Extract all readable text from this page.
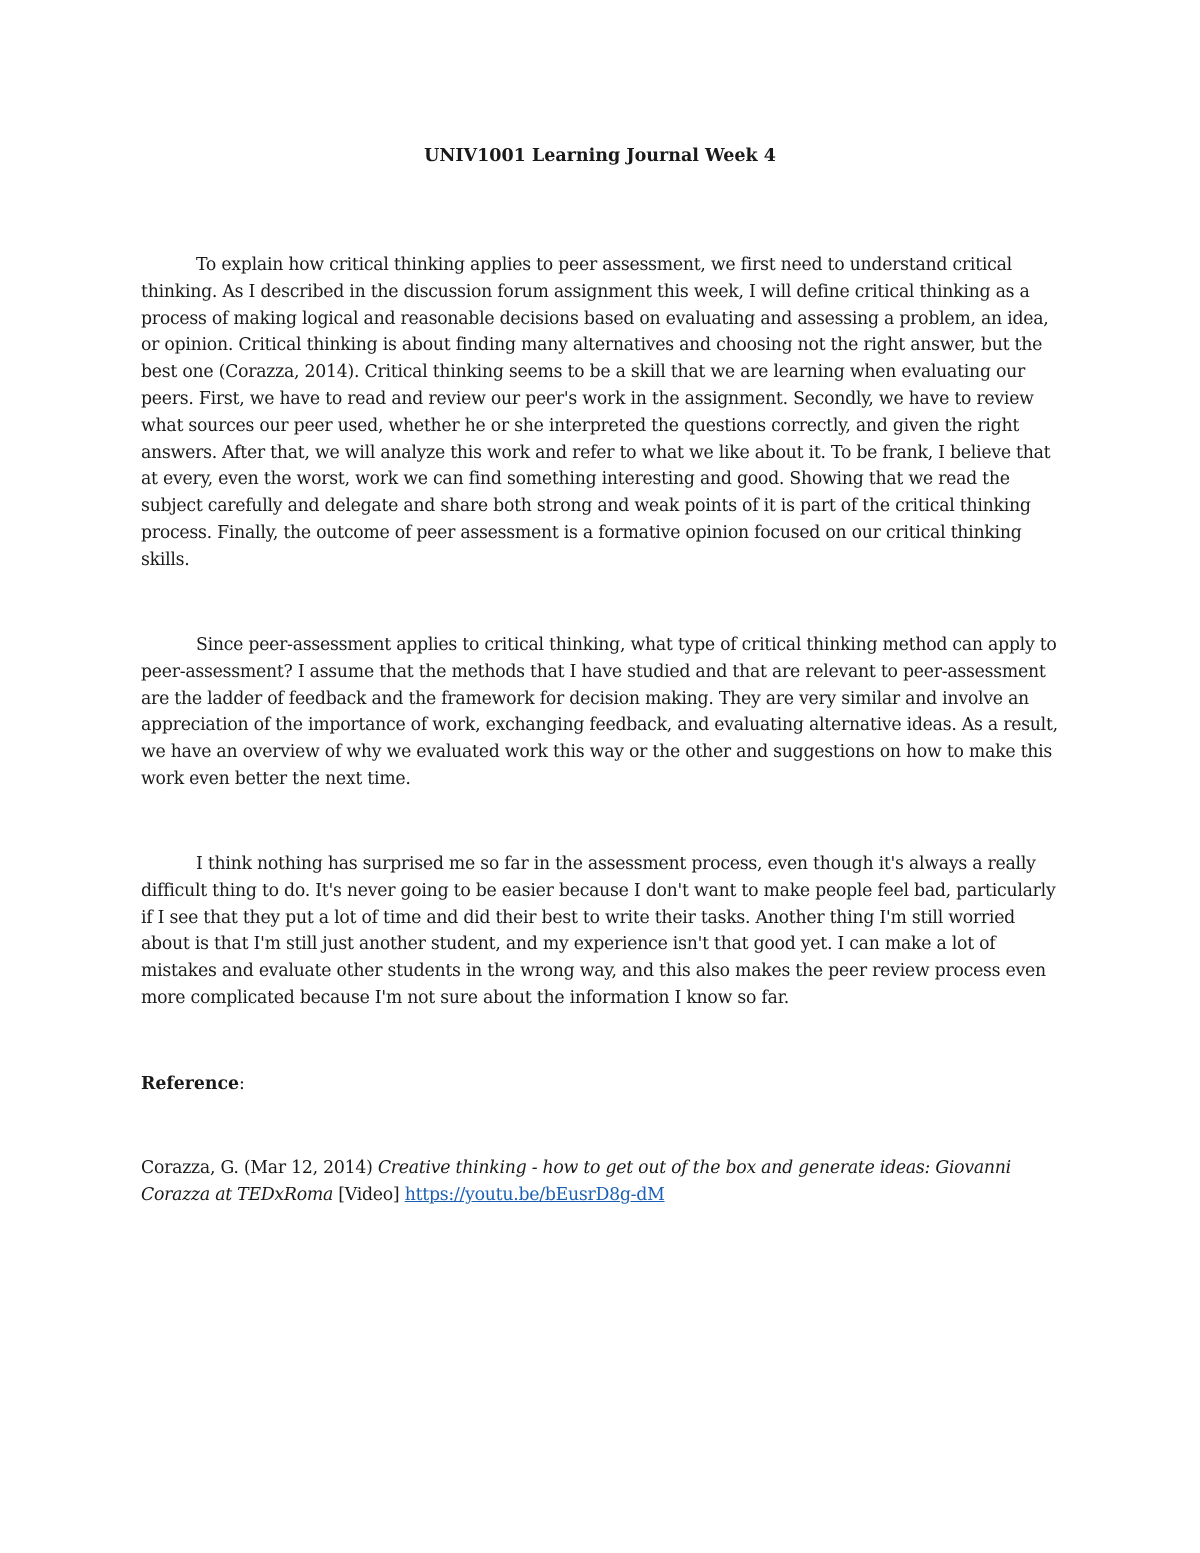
UNIV1001 Learning Journal Week 4

To explain how critical thinking applies to peer assessment, we first need to understand critical thinking. As I described in the discussion forum assignment this week, I will define critical thinking as a process of making logical and reasonable decisions based on evaluating and assessing a problem, an idea, or opinion. Critical thinking is about finding many alternatives and choosing not the right answer, but the best one (Corazza, 2014). Critical thinking seems to be a skill that we are learning when evaluating our peers. First, we have to read and review our peer's work in the assignment. Secondly, we have to review what sources our peer used, whether he or she interpreted the questions correctly, and given the right answers. After that, we will analyze this work and refer to what we like about it. To be frank, I believe that at every, even the worst, work we can find something interesting and good. Showing that we read the subject carefully and delegate and share both strong and weak points of it is part of the critical thinking process. Finally, the outcome of peer assessment is a formative opinion focused on our critical thinking skills.

Since peer-assessment applies to critical thinking, what type of critical thinking method can apply to peer-assessment? I assume that the methods that I have studied and that are relevant to peer-assessment are the ladder of feedback and the framework for decision making. They are very similar and involve an appreciation of the importance of work, exchanging feedback, and evaluating alternative ideas. As a result, we have an overview of why we evaluated work this way or the other and suggestions on how to make this work even better the next time.

I think nothing has surprised me so far in the assessment process, even though it's always a really difficult thing to do. It's never going to be easier because I don't want to make people feel bad, particularly if I see that they put a lot of time and did their best to write their tasks. Another thing I'm still worried about is that I'm still just another student, and my experience isn't that good yet. I can make a lot of mistakes and evaluate other students in the wrong way, and this also makes the peer review process even more complicated because I'm not sure about the information I know so far.

Reference:
Corazza, G. (Mar 12, 2014) Creative thinking - how to get out of the box and generate ideas: Giovanni Corazza at TEDxRoma [Video] https://youtu.be/bEusrD8g-dM
